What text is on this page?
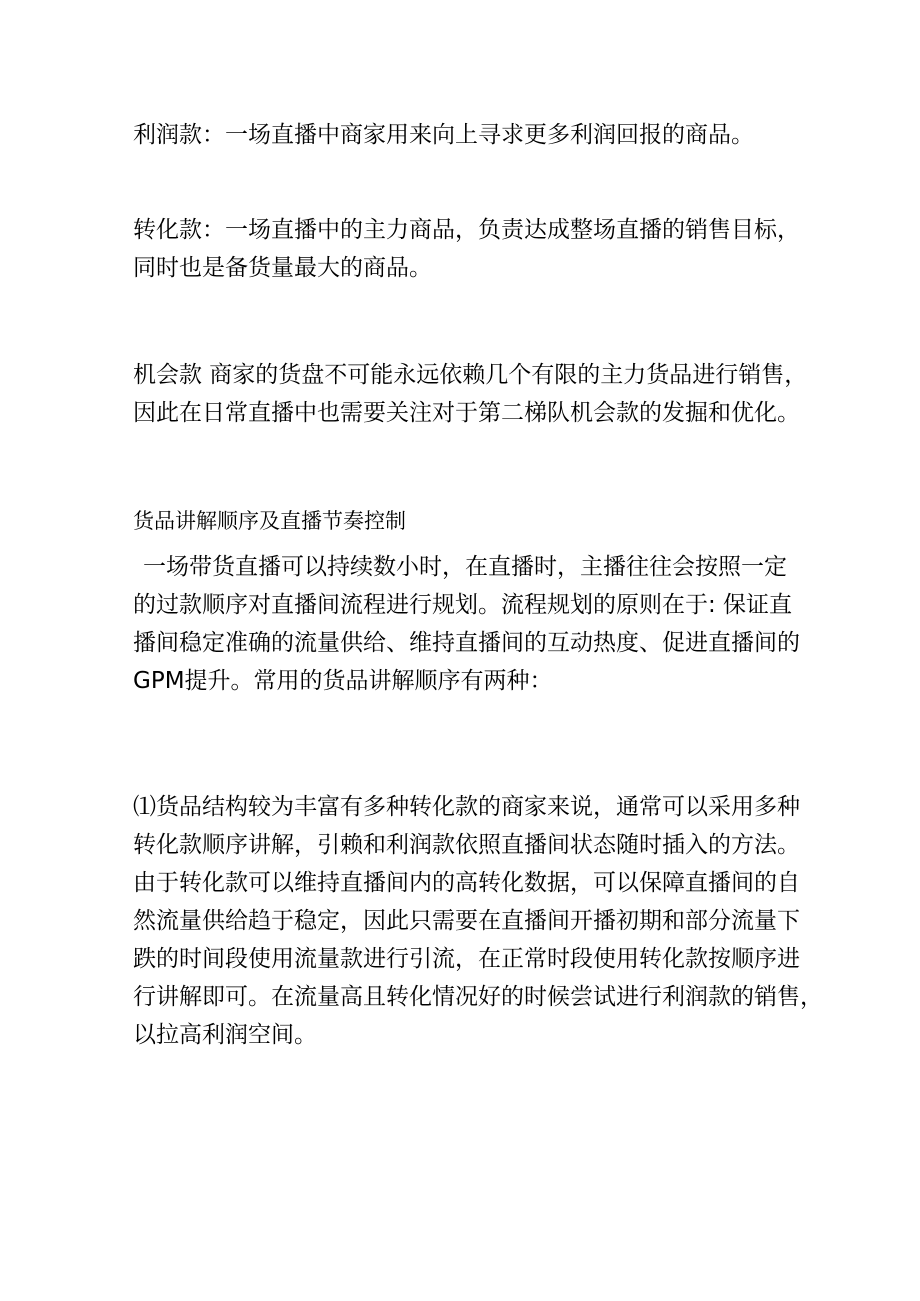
利润款：一场直播中商家用来向上寻求更多利润回报的商品。

转化款：一场直播中的主力商品，负责达成整场直播的销售目标，
同时也是备货量最大的商品。

机会款 商家的货盘不可能永远依赖几个有限的主力货品进行销售，
因此在日常直播中也需要关注对于第二梯队机会款的发掘和优化。

货品讲解顺序及直播节奏控制

一场带货直播可以持续数小时，在直播时，主播往往会按照一定
的过款顺序对直播间流程进行规划。流程规划的原则在于: 保证直
播间稳定准确的流量供给、维持直播间的互动热度、促进直播间的
GPM提升。常用的货品讲解顺序有两种：

⑴货品结构较为丰富有多种转化款的商家来说，通常可以采用多种
转化款顺序讲解，引赖和利润款依照直播间状态随时插入的方法。
由于转化款可以维持直播间内的高转化数据，可以保障直播间的自
然流量供给趋于稳定，因此只需要在直播间开播初期和部分流量下
跌的时间段使用流量款进行引流，在正常时段使用转化款按顺序进
行讲解即可。在流量高且转化情况好的时候尝试进行利润款的销售，
以拉高利润空间。
